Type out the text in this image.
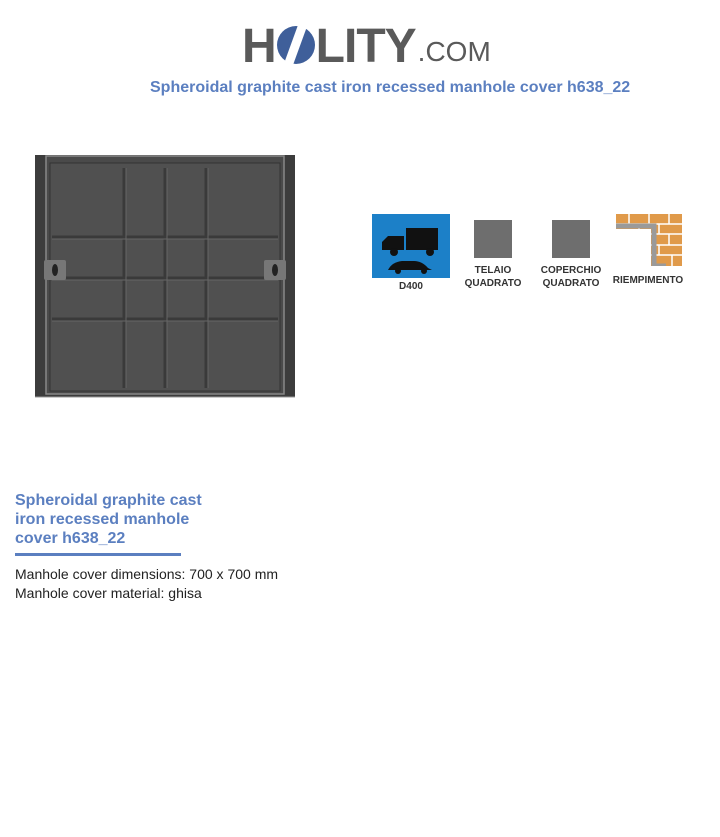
H LITY .COM
Spheroidal graphite cast iron recessed manhole cover h638_22
D400
TELAIO
QUADRATO
COPERCHIO
QUADRATO	RIEMPIMENTO
Spheroidal graphite cast iron recessed manhole cover h638_22
Manhole cover dimensions: 700 x 700 mm
Manhole cover material: ghisa
